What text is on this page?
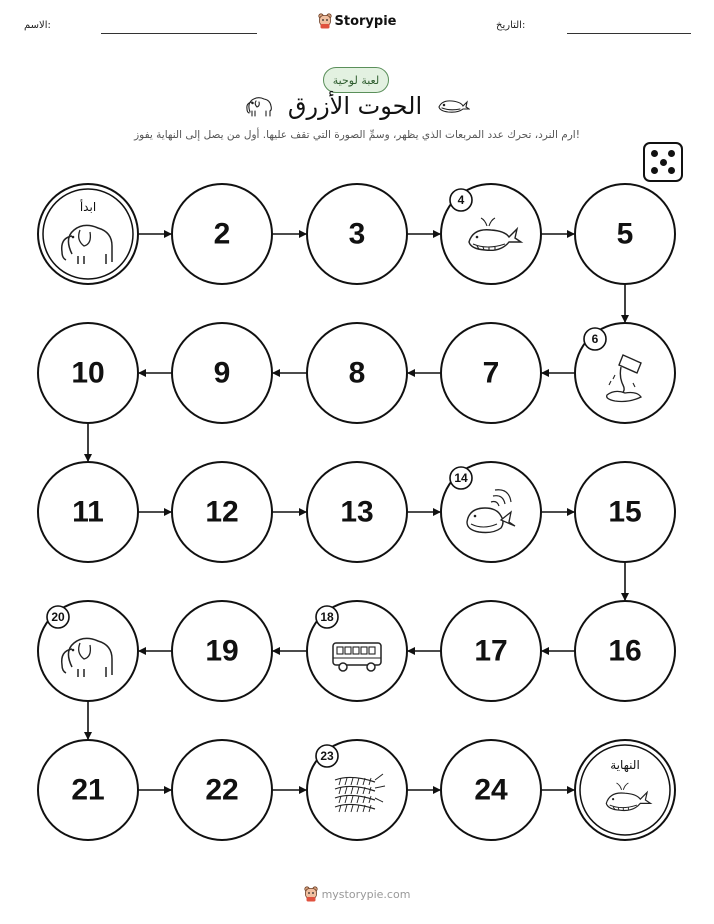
الاسم:	Storypie	التاريخ:
لعبة لوحية
الحوت الأزرق
ارم النرد، تحرك عدد المربعات الذي يظهر، وسمِّ الصورة التي تقف عليها. أول من يصل إلى النهاية يفوز!
ابدأ
2	3
4
5
6
7
8
9
10
11	12	13
14
15
16
17
18
19
20
21	22
23
24
النهاية
mystorypie.com
